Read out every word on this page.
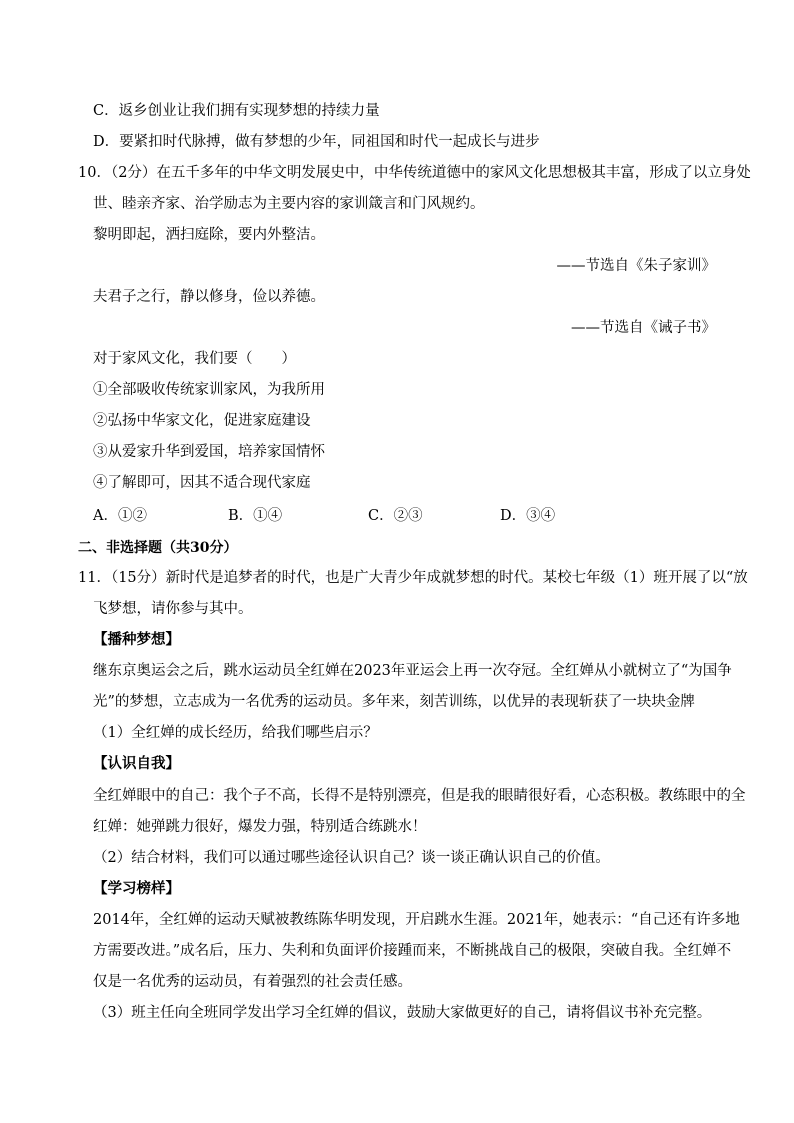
C．返乡创业让我们拥有实现梦想的持续力量
D．要紧扣时代脉搏，做有梦想的少年，同祖国和时代一起成长与进步
10．（2分）在五千多年的中华文明发展史中，中华传统道德中的家风文化思想极其丰富，形成了以立身处
世、睦亲齐家、治学励志为主要内容的家训箴言和门风规约。
黎明即起，洒扫庭除，要内外整洁。
——节选自《朱子家训》
夫君子之行，静以修身，俭以养德。
——节选自《诫子书》
对于家风文化，我们要（　　）
①全部吸收传统家训家风，为我所用
②弘扬中华家文化，促进家庭建设
③从爱家升华到爱国，培养家国情怀
④了解即可，因其不适合现代家庭
A．①②	B．①④	C．②③	D．③④
二、非选择题（共30分）
11．（15分）新时代是追梦者的时代，也是广大青少年成就梦想的时代。某校七年级（1）班开展了以“放
飞梦想，请你参与其中。
【播种梦想】
继东京奥运会之后，跳水运动员全红婵在2023年亚运会上再一次夺冠。全红婵从小就树立了“为国争
光”的梦想，立志成为一名优秀的运动员。多年来，刻苦训练，以优异的表现斩获了一块块金牌
（1）全红婵的成长经历，给我们哪些启示？
【认识自我】
全红婵眼中的自己：我个子不高，长得不是特别漂亮，但是我的眼睛很好看，心态积极。教练眼中的全
红婵：她弹跳力很好，爆发力强，特别适合练跳水！
（2）结合材料，我们可以通过哪些途径认识自己？谈一谈正确认识自己的价值。
【学习榜样】
2014年，全红婵的运动天赋被教练陈华明发现，开启跳水生涯。2021年，她表示：“自己还有许多地
方需要改进。”成名后，压力、失利和负面评价接踵而来，不断挑战自己的极限，突破自我。全红婵不
仅是一名优秀的运动员，有着强烈的社会责任感。
（3）班主任向全班同学发出学习全红婵的倡议，鼓励大家做更好的自己，请将倡议书补充完整。
